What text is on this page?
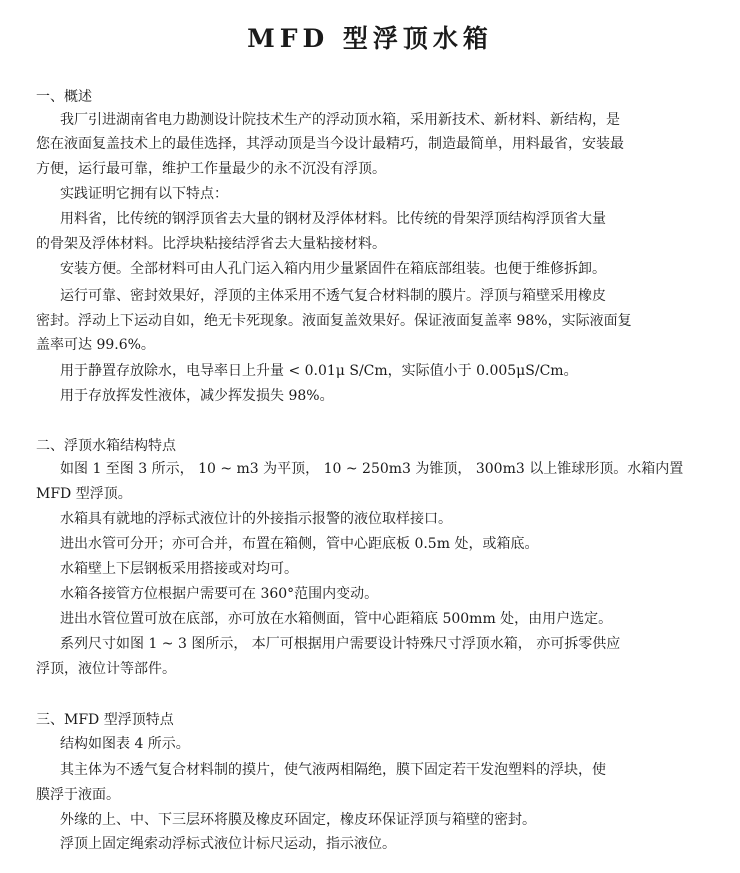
MFD 型浮顶水箱
一、概述
我厂引进湖南省电力勘测设计院技术生产的浮动顶水箱，采用新技术、新材料、新结构，是
您在液面复盖技术上的最佳选择，其浮动顶是当今设计最精巧，制造最简单，用料最省，安装最
方便，运行最可靠，维护工作量最少的永不沉没有浮顶。
实践证明它拥有以下特点：
用料省，比传统的钢浮顶省去大量的钢材及浮体材料。比传统的骨架浮顶结构浮顶省大量
的骨架及浮体材料。比浮块粘接结浮省去大量粘接材料。
安装方便。全部材料可由人孔门运入箱内用少量紧固件在箱底部组装。也便于维修拆卸。
运行可靠、密封效果好，浮顶的主体采用不透气复合材料制的膜片。浮顶与箱壁采用橡皮
密封。浮动上下运动自如，绝无卡死现象。液面复盖效果好。保证液面复盖率 98%，实际液面复
盖率可达 99.6%。
用于静置存放除水，电导率日上升量 < 0.01μ S/Cm，实际值小于 0.005μS/Cm。
用于存放挥发性液体，减少挥发损失 98%。
二、浮顶水箱结构特点
如图 1 至图 3 所示， 10 ~ m3 为平顶， 10 ~ 250m3 为锥顶， 300m3 以上锥球形顶。水箱内置
MFD 型浮顶。
水箱具有就地的浮标式液位计的外接指示报警的液位取样接口。
进出水管可分开；亦可合并，布置在箱侧，管中心距底板 0.5m 处，或箱底。
水箱壁上下层钢板采用搭接或对均可。
水箱各接管方位根据户需要可在 360°范围内变动。
进出水管位置可放在底部，亦可放在水箱侧面，管中心距箱底 500mm 处，由用户选定。
系列尺寸如图 1 ~ 3 图所示， 本厂可根据用户需要设计特殊尺寸浮顶水箱， 亦可拆零供应
浮顶，液位计等部件。
三、MFD 型浮顶特点
结构如图表 4 所示。
其主体为不透气复合材料制的摸片，使气液两相隔绝，膜下固定若干发泡塑料的浮块，使
膜浮于液面。
外缘的上、中、下三层环将膜及橡皮环固定，橡皮环保证浮顶与箱壁的密封。
浮顶上固定绳索动浮标式液位计标尺运动，指示液位。
